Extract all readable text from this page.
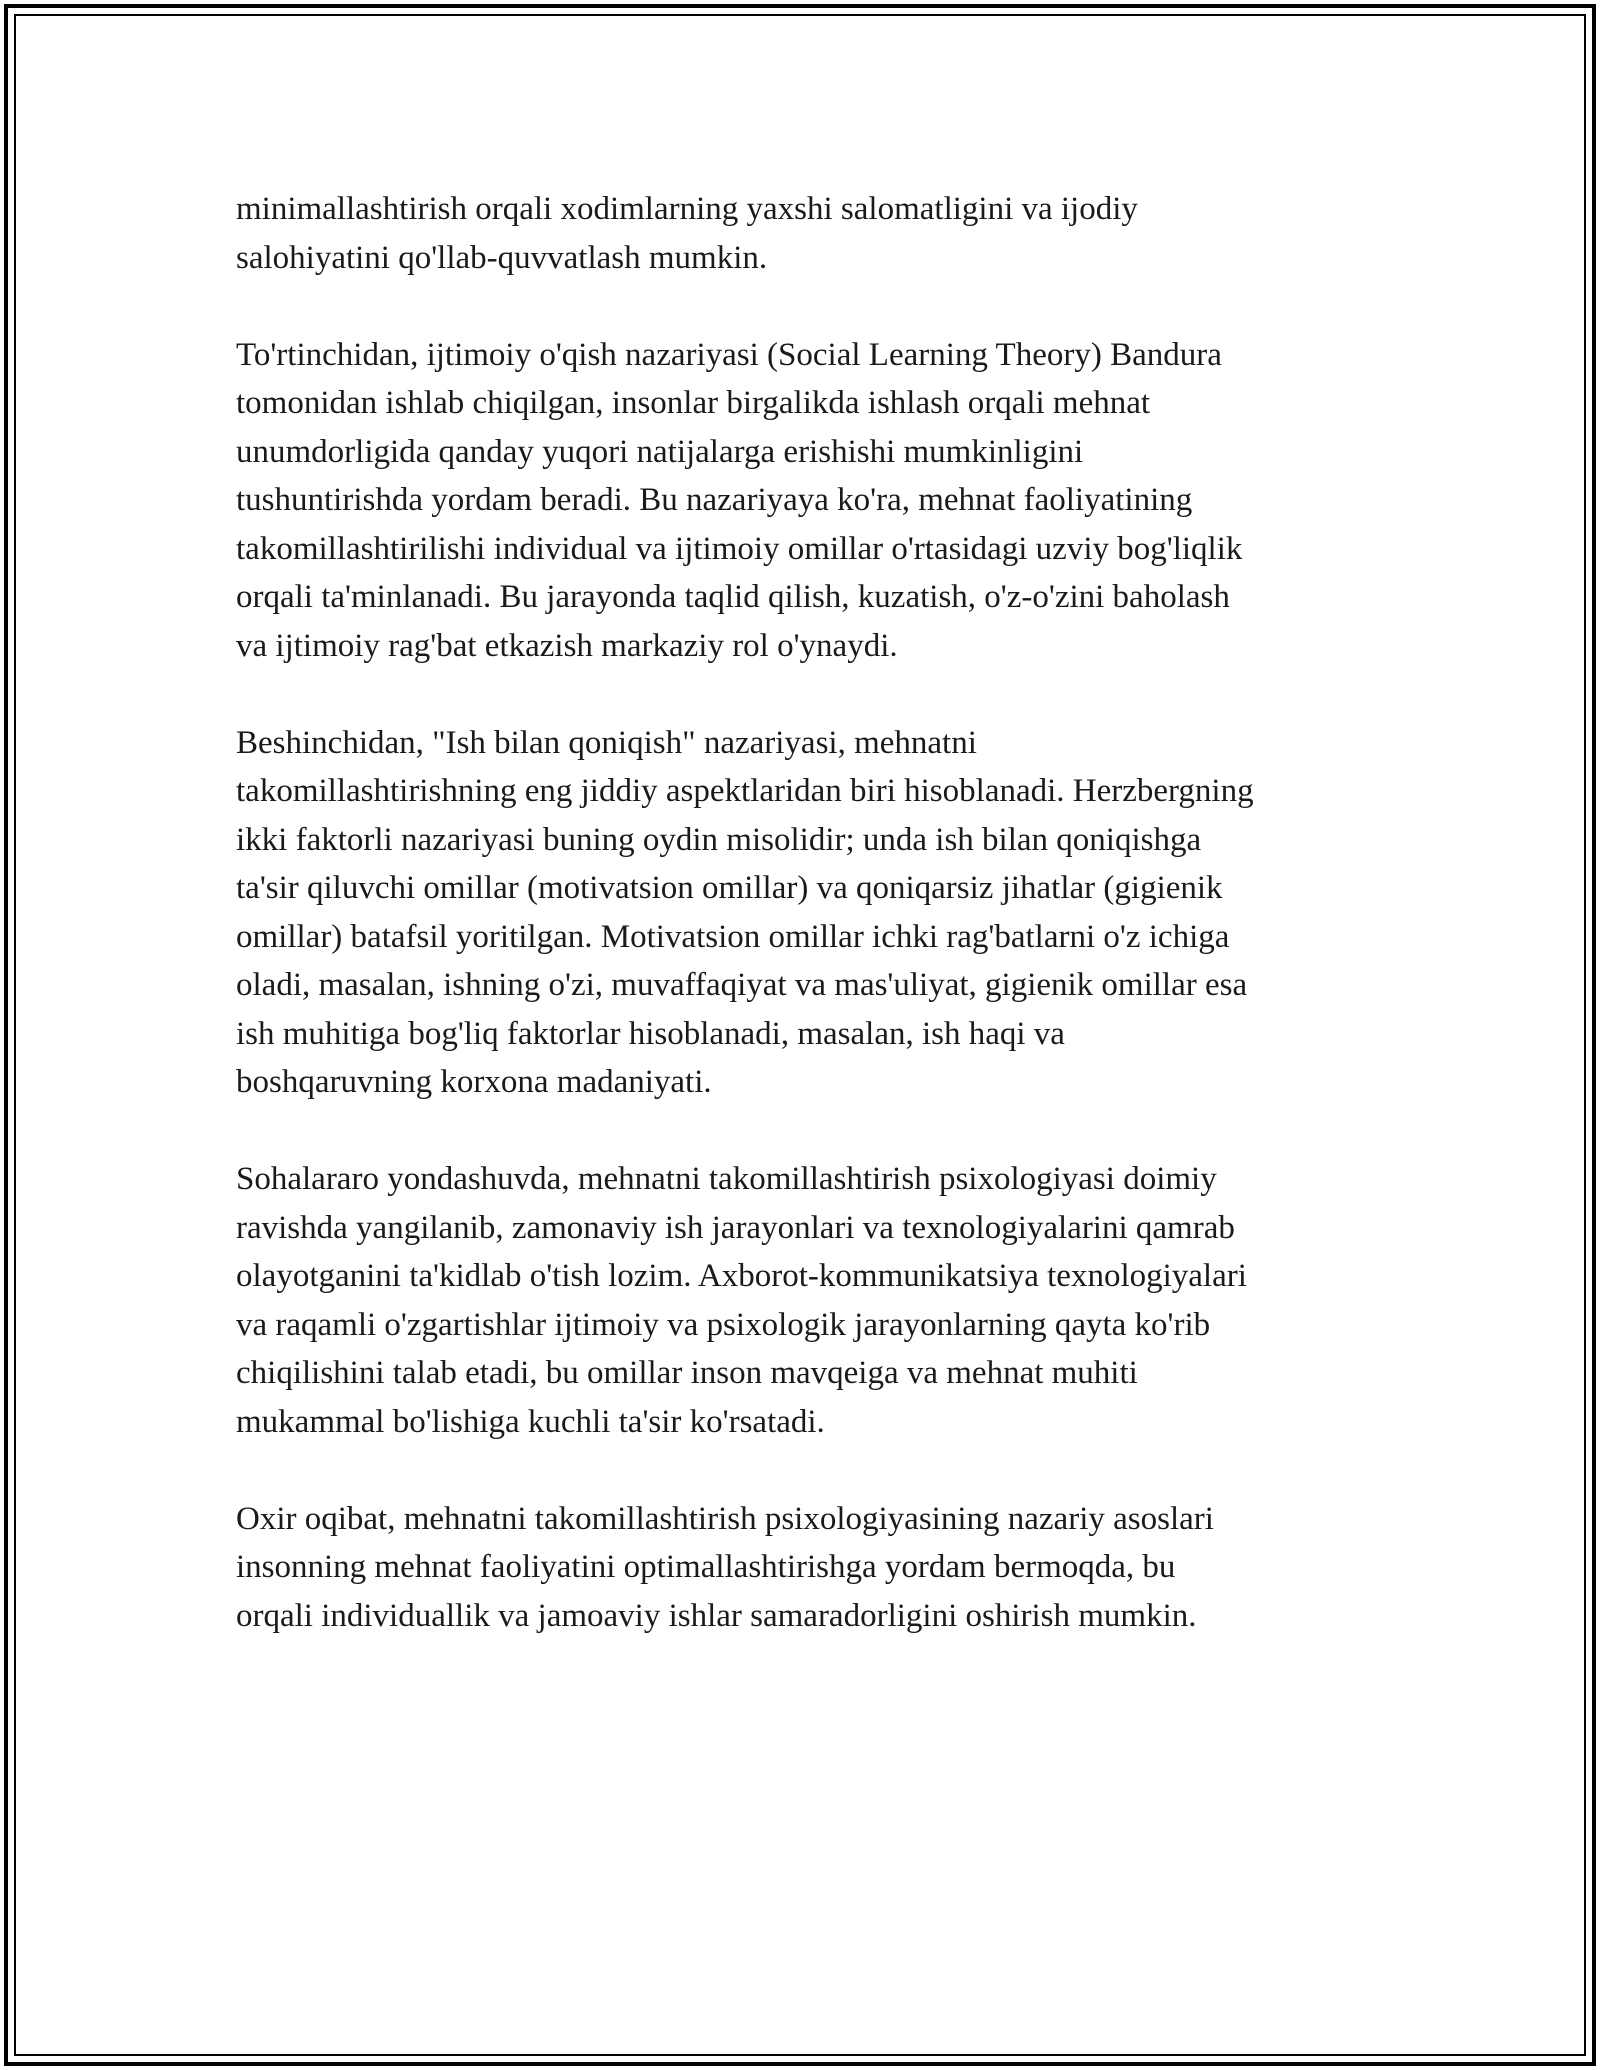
minimallashtirish orqali xodimlarning yaxshi salomatligini va ijodiy
salohiyatini qo'llab-quvvatlash mumkin.

To'rtinchidan, ijtimoiy o'qish nazariyasi (Social Learning Theory) Bandura
tomonidan ishlab chiqilgan, insonlar birgalikda ishlash orqali mehnat
unumdorligida qanday yuqori natijalarga erishishi mumkinligini
tushuntirishda yordam beradi. Bu nazariyaya ko'ra, mehnat faoliyatining
takomillashtirilishi individual va ijtimoiy omillar o'rtasidagi uzviy bog'liqlik
orqali ta'minlanadi. Bu jarayonda taqlid qilish, kuzatish, o'z-o'zini baholash
va ijtimoiy rag'bat etkazish markaziy rol o'ynaydi.

Beshinchidan, "Ish bilan qoniqish" nazariyasi, mehnatni
takomillashtirishning eng jiddiy aspektlaridan biri hisoblanadi. Herzbergning
ikki faktorli nazariyasi buning oydin misolidir; unda ish bilan qoniqishga
ta'sir qiluvchi omillar (motivatsion omillar) va qoniqarsiz jihatlar (gigienik
omillar) batafsil yoritilgan. Motivatsion omillar ichki rag'batlarni o'z ichiga
oladi, masalan, ishning o'zi, muvaffaqiyat va mas'uliyat, gigienik omillar esa
ish muhitiga bog'liq faktorlar hisoblanadi, masalan, ish haqi va
boshqaruvning korxona madaniyati.

Sohalararo yondashuvda, mehnatni takomillashtirish psixologiyasi doimiy
ravishda yangilanib, zamonaviy ish jarayonlari va texnologiyalarini qamrab
olayotganini ta'kidlab o'tish lozim. Axborot-kommunikatsiya texnologiyalari
va raqamli o'zgartishlar ijtimoiy va psixologik jarayonlarning qayta ko'rib
chiqilishini talab etadi, bu omillar inson mavqeiga va mehnat muhiti
mukammal bo'lishiga kuchli ta'sir ko'rsatadi.

Oxir oqibat, mehnatni takomillashtirish psixologiyasining nazariy asoslari
insonning mehnat faoliyatini optimallashtirishga yordam bermoqda, bu
orqali individuallik va jamoaviy ishlar samaradorligini oshirish mumkin.
